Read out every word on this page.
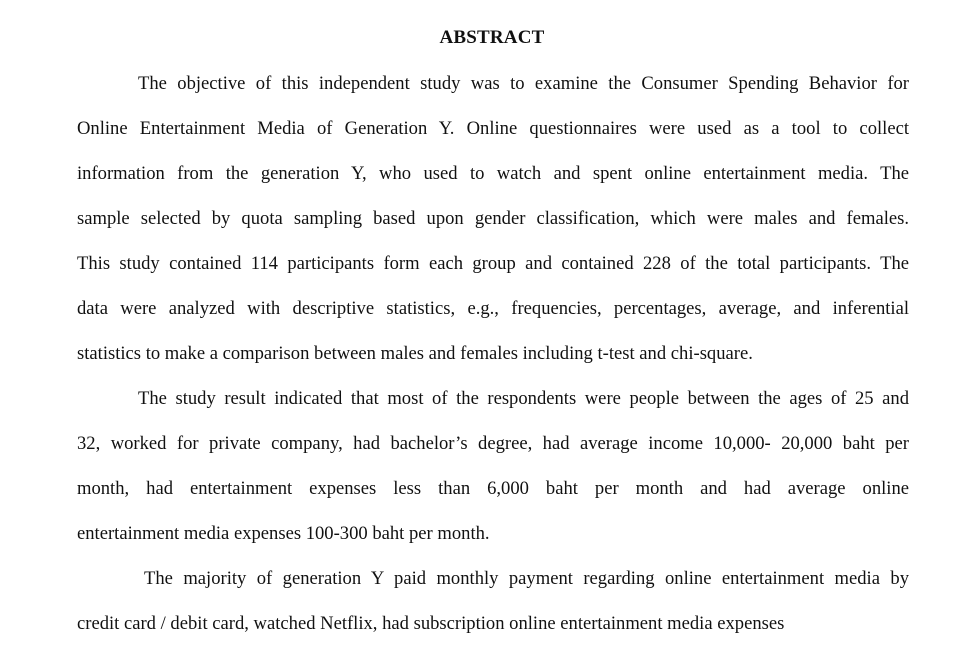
ABSTRACT
The objective of this independent study was to examine the Consumer Spending Behavior for
Online Entertainment Media of Generation Y. Online questionnaires were used as a tool to collect
information from the generation Y, who used to watch and spent online entertainment media. The
sample selected by quota sampling based upon gender classification, which were males and females.
This study contained 114 participants form each group and contained 228 of the total participants. The
data were analyzed with descriptive statistics, e.g., frequencies, percentages, average, and inferential
statistics to make a comparison between males and females including t-test and chi-square.
The study result indicated that most of the respondents were people between the ages of 25 and
32, worked for private company, had bachelor’s degree, had average income 10,000- 20,000 baht per
month, had entertainment expenses less than 6,000 baht per month and had average online
entertainment media expenses 100-300 baht per month.
The majority of generation Y paid monthly payment regarding online entertainment media by
credit card / debit card, watched Netflix, had subscription online entertainment media expenses
